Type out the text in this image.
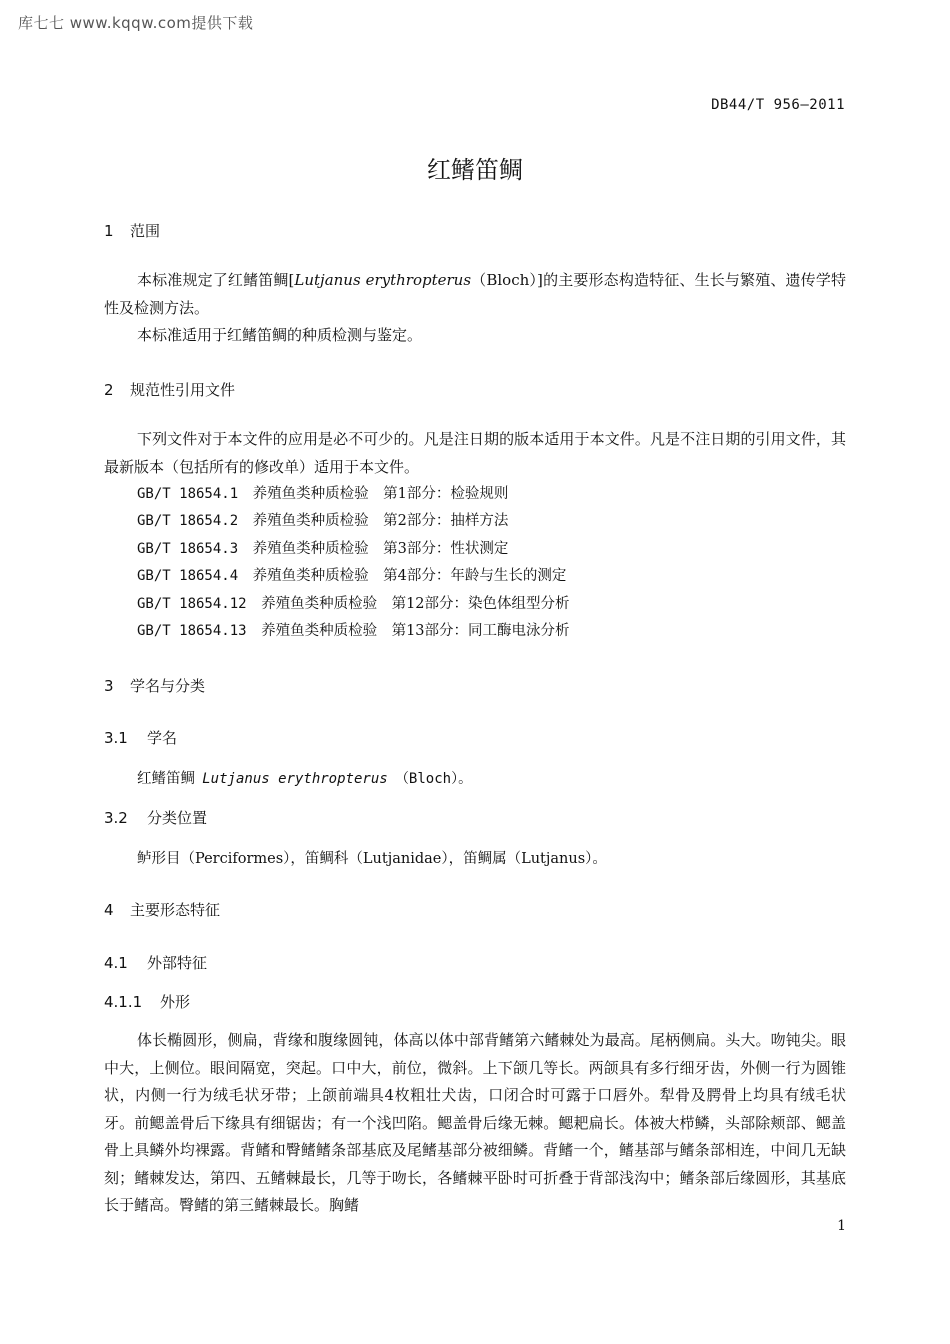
库七七 www.kqqw.com提供下载
DB44/T 956—2011
红鳍笛鲷
1 范围
本标准规定了红鳍笛鲷[Lutjanus erythropterus（Bloch）]的主要形态构造特征、生长与繁殖、遗传学特性及检测方法。
本标准适用于红鳍笛鲷的种质检测与鉴定。
2 规范性引用文件
下列文件对于本文件的应用是必不可少的。凡是注日期的版本适用于本文件。凡是不注日期的引用文件，其最新版本（包括所有的修改单）适用于本文件。
GB/T 18654.1  养殖鱼类种质检验　第1部分：检验规则
GB/T 18654.2  养殖鱼类种质检验　第2部分：抽样方法
GB/T 18654.3  养殖鱼类种质检验　第3部分：性状测定
GB/T 18654.4  养殖鱼类种质检验　第4部分：年龄与生长的测定
GB/T 18654.12  养殖鱼类种质检验　第12部分：染色体组型分析
GB/T 18654.13  养殖鱼类种质检验　第13部分：同工酶电泳分析
3 学名与分类
3.1 学名
红鳍笛鲷  Lutjanus erythropterus  （Bloch）。
3.2 分类位置
鲈形目（Perciformes），笛鲷科（Lutjanidae），笛鲷属（Lutjanus）。
4 主要形态特征
4.1 外部特征
4.1.1 外形
体长椭圆形，侧扁，背缘和腹缘圆钝，体高以体中部背鳍第六鳍棘处为最高。尾柄侧扁。头大。吻钝尖。眼中大，上侧位。眼间隔宽，突起。口中大，前位，微斜。上下颌几等长。两颌具有多行细牙齿，外侧一行为圆锥状，内侧一行为绒毛状牙带；上颌前端具4枚粗壮犬齿，口闭合时可露于口唇外。犁骨及腭骨上均具有绒毛状牙。前鳃盖骨后下缘具有细锯齿；有一个浅凹陷。鳃盖骨后缘无棘。鳃耙扁长。体被大栉鳞，头部除颊部、鳃盖骨上具鳞外均裸露。背鳍和臀鳍鳍条部基底及尾鳍基部分被细鳞。背鳍一个，鳍基部与鳍条部相连，中间几无缺刻；鳍棘发达，第四、五鳍棘最长，几等于吻长，各鳍棘平卧时可折叠于背部浅沟中；鳍条部后缘圆形，其基底长于鳍高。臀鳍的第三鳍棘最长。胸鳍
1
